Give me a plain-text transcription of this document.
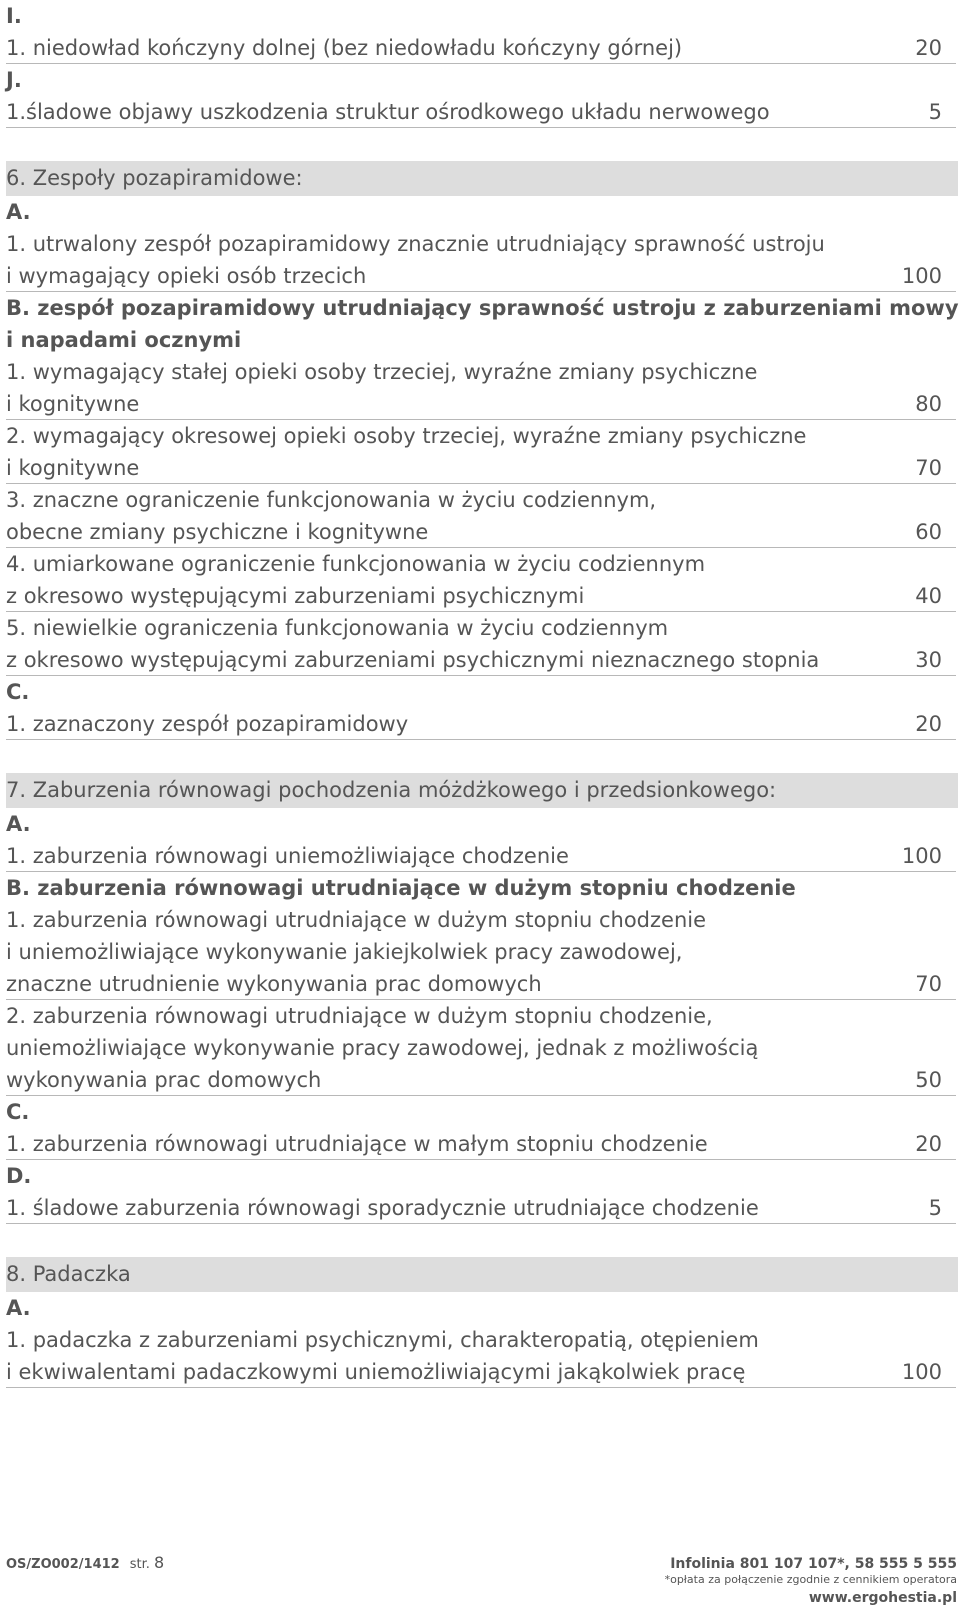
I.
1. niedowład kończyny dolnej (bez niedowładu kończyny górnej)	20
J.
1.śladowe objawy uszkodzenia struktur ośrodkowego układu nerwowego	5
6. Zespoły pozapiramidowe:
A.
1. utrwalony zespół pozapiramidowy znacznie utrudniający sprawność ustroju
i wymagający opieki osób trzecich	100
B. zespół pozapiramidowy utrudniający sprawność ustroju z zaburzeniami mowy
i napadami ocznymi
1. wymagający stałej opieki osoby trzeciej, wyraźne zmiany psychiczne
i kognitywne	80
2. wymagający okresowej opieki osoby trzeciej, wyraźne zmiany psychiczne
i kognitywne	70
3. znaczne ograniczenie funkcjonowania w życiu codziennym,
obecne zmiany psychiczne i kognitywne	60
4. umiarkowane ograniczenie funkcjonowania w życiu codziennym
z okresowo występującymi zaburzeniami psychicznymi	40
5. niewielkie ograniczenia funkcjonowania w życiu codziennym
z okresowo występującymi zaburzeniami psychicznymi nieznacznego stopnia	30
C.
1. zaznaczony zespół pozapiramidowy	20
7. Zaburzenia równowagi pochodzenia móżdżkowego i przedsionkowego:
A.
1. zaburzenia równowagi uniemożliwiające chodzenie	100
B. zaburzenia równowagi utrudniające w dużym stopniu chodzenie
1. zaburzenia równowagi utrudniające w dużym stopniu chodzenie
i uniemożliwiające wykonywanie jakiejkolwiek pracy zawodowej,
znaczne utrudnienie wykonywania prac domowych	70
2. zaburzenia równowagi utrudniające w dużym stopniu chodzenie,
uniemożliwiające wykonywanie pracy zawodowej, jednak z możliwością
wykonywania prac domowych	50
C.
1. zaburzenia równowagi utrudniające w małym stopniu chodzenie	20
D.
1. śladowe zaburzenia równowagi sporadycznie utrudniające chodzenie	5
8. Padaczka
A.
1. padaczka z zaburzeniami psychicznymi, charakteropatią, otępieniem
i ekwiwalentami padaczkowymi uniemożliwiającymi jakąkolwiek pracę	100
OS/ZO002/1412 str. 8	Infolinia 801 107 107*, 58 555 5 555
*opłata za połączenie zgodnie z cennikiem operatora
www.ergohestia.pl
